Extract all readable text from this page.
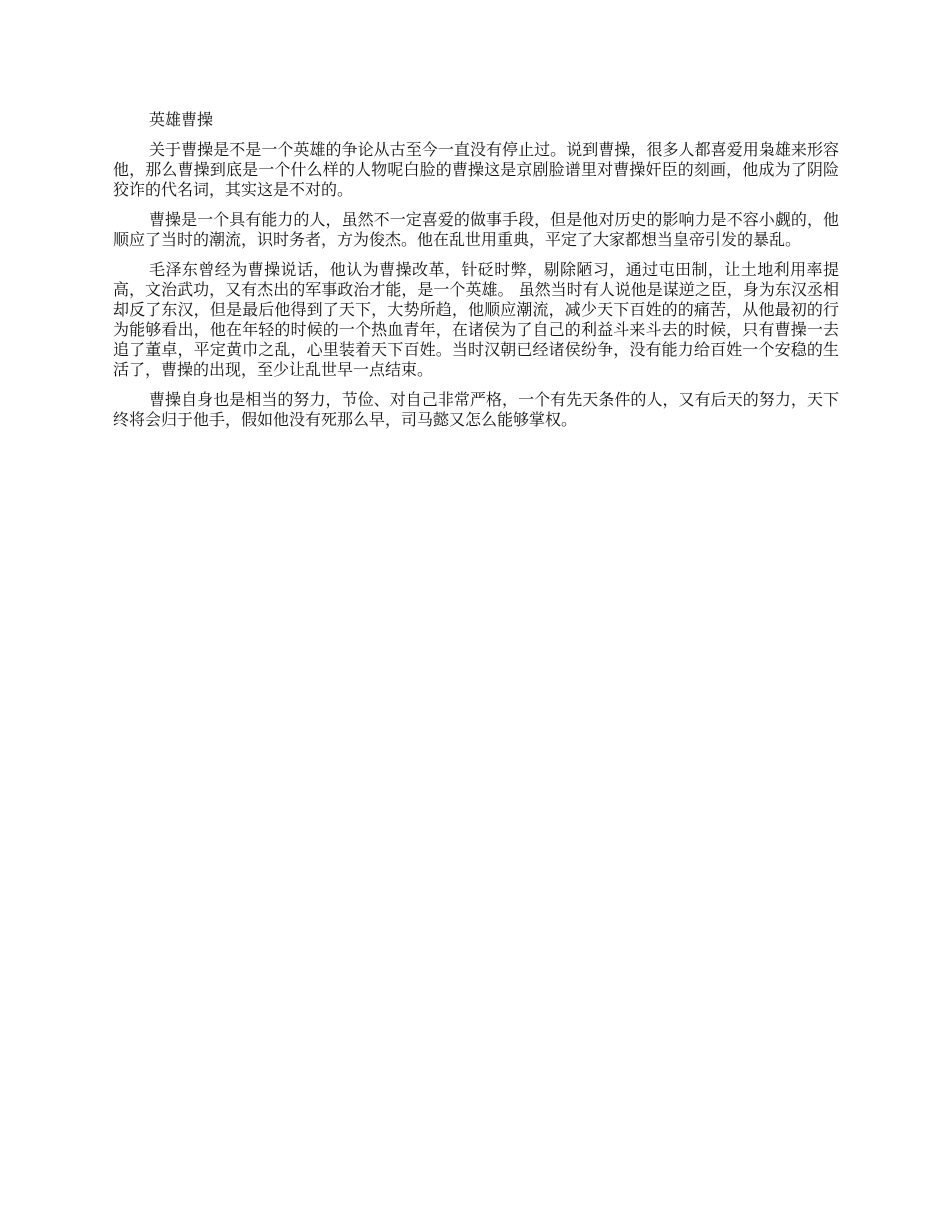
英雄曹操

关于曹操是不是一个英雄的争论从古至今一直没有停止过。说到曹操，很多人都喜爱用枭雄来形容他，那么曹操到底是一个什么样的人物呢白脸的曹操这是京剧脸谱里对曹操奸臣的刻画，他成为了阴险狡诈的代名词，其实这是不对的。

曹操是一个具有能力的人，虽然不一定喜爱的做事手段，但是他对历史的影响力是不容小觑的，他顺应了当时的潮流，识时务者，方为俊杰。他在乱世用重典，平定了大家都想当皇帝引发的暴乱。

毛泽东曾经为曹操说话，他认为曹操改革，针砭时弊，剔除陋习，通过屯田制，让土地利用率提高，文治武功，又有杰出的军事政治才能，是一个英雄。 虽然当时有人说他是谋逆之臣，身为东汉丞相却反了东汉，但是最后他得到了天下，大势所趋，他顺应潮流，减少天下百姓的的痛苦，从他最初的行为能够看出，他在年轻的时候的一个热血青年，在诸侯为了自己的利益斗来斗去的时候，只有曹操一去追了董卓，平定黄巾之乱，心里装着天下百姓。当时汉朝已经诸侯纷争，没有能力给百姓一个安稳的生活了，曹操的出现，至少让乱世早一点结束。

曹操自身也是相当的努力，节俭、对自己非常严格，一个有先天条件的人，又有后天的努力，天下终将会归于他手，假如他没有死那么早，司马懿又怎么能够掌权。
